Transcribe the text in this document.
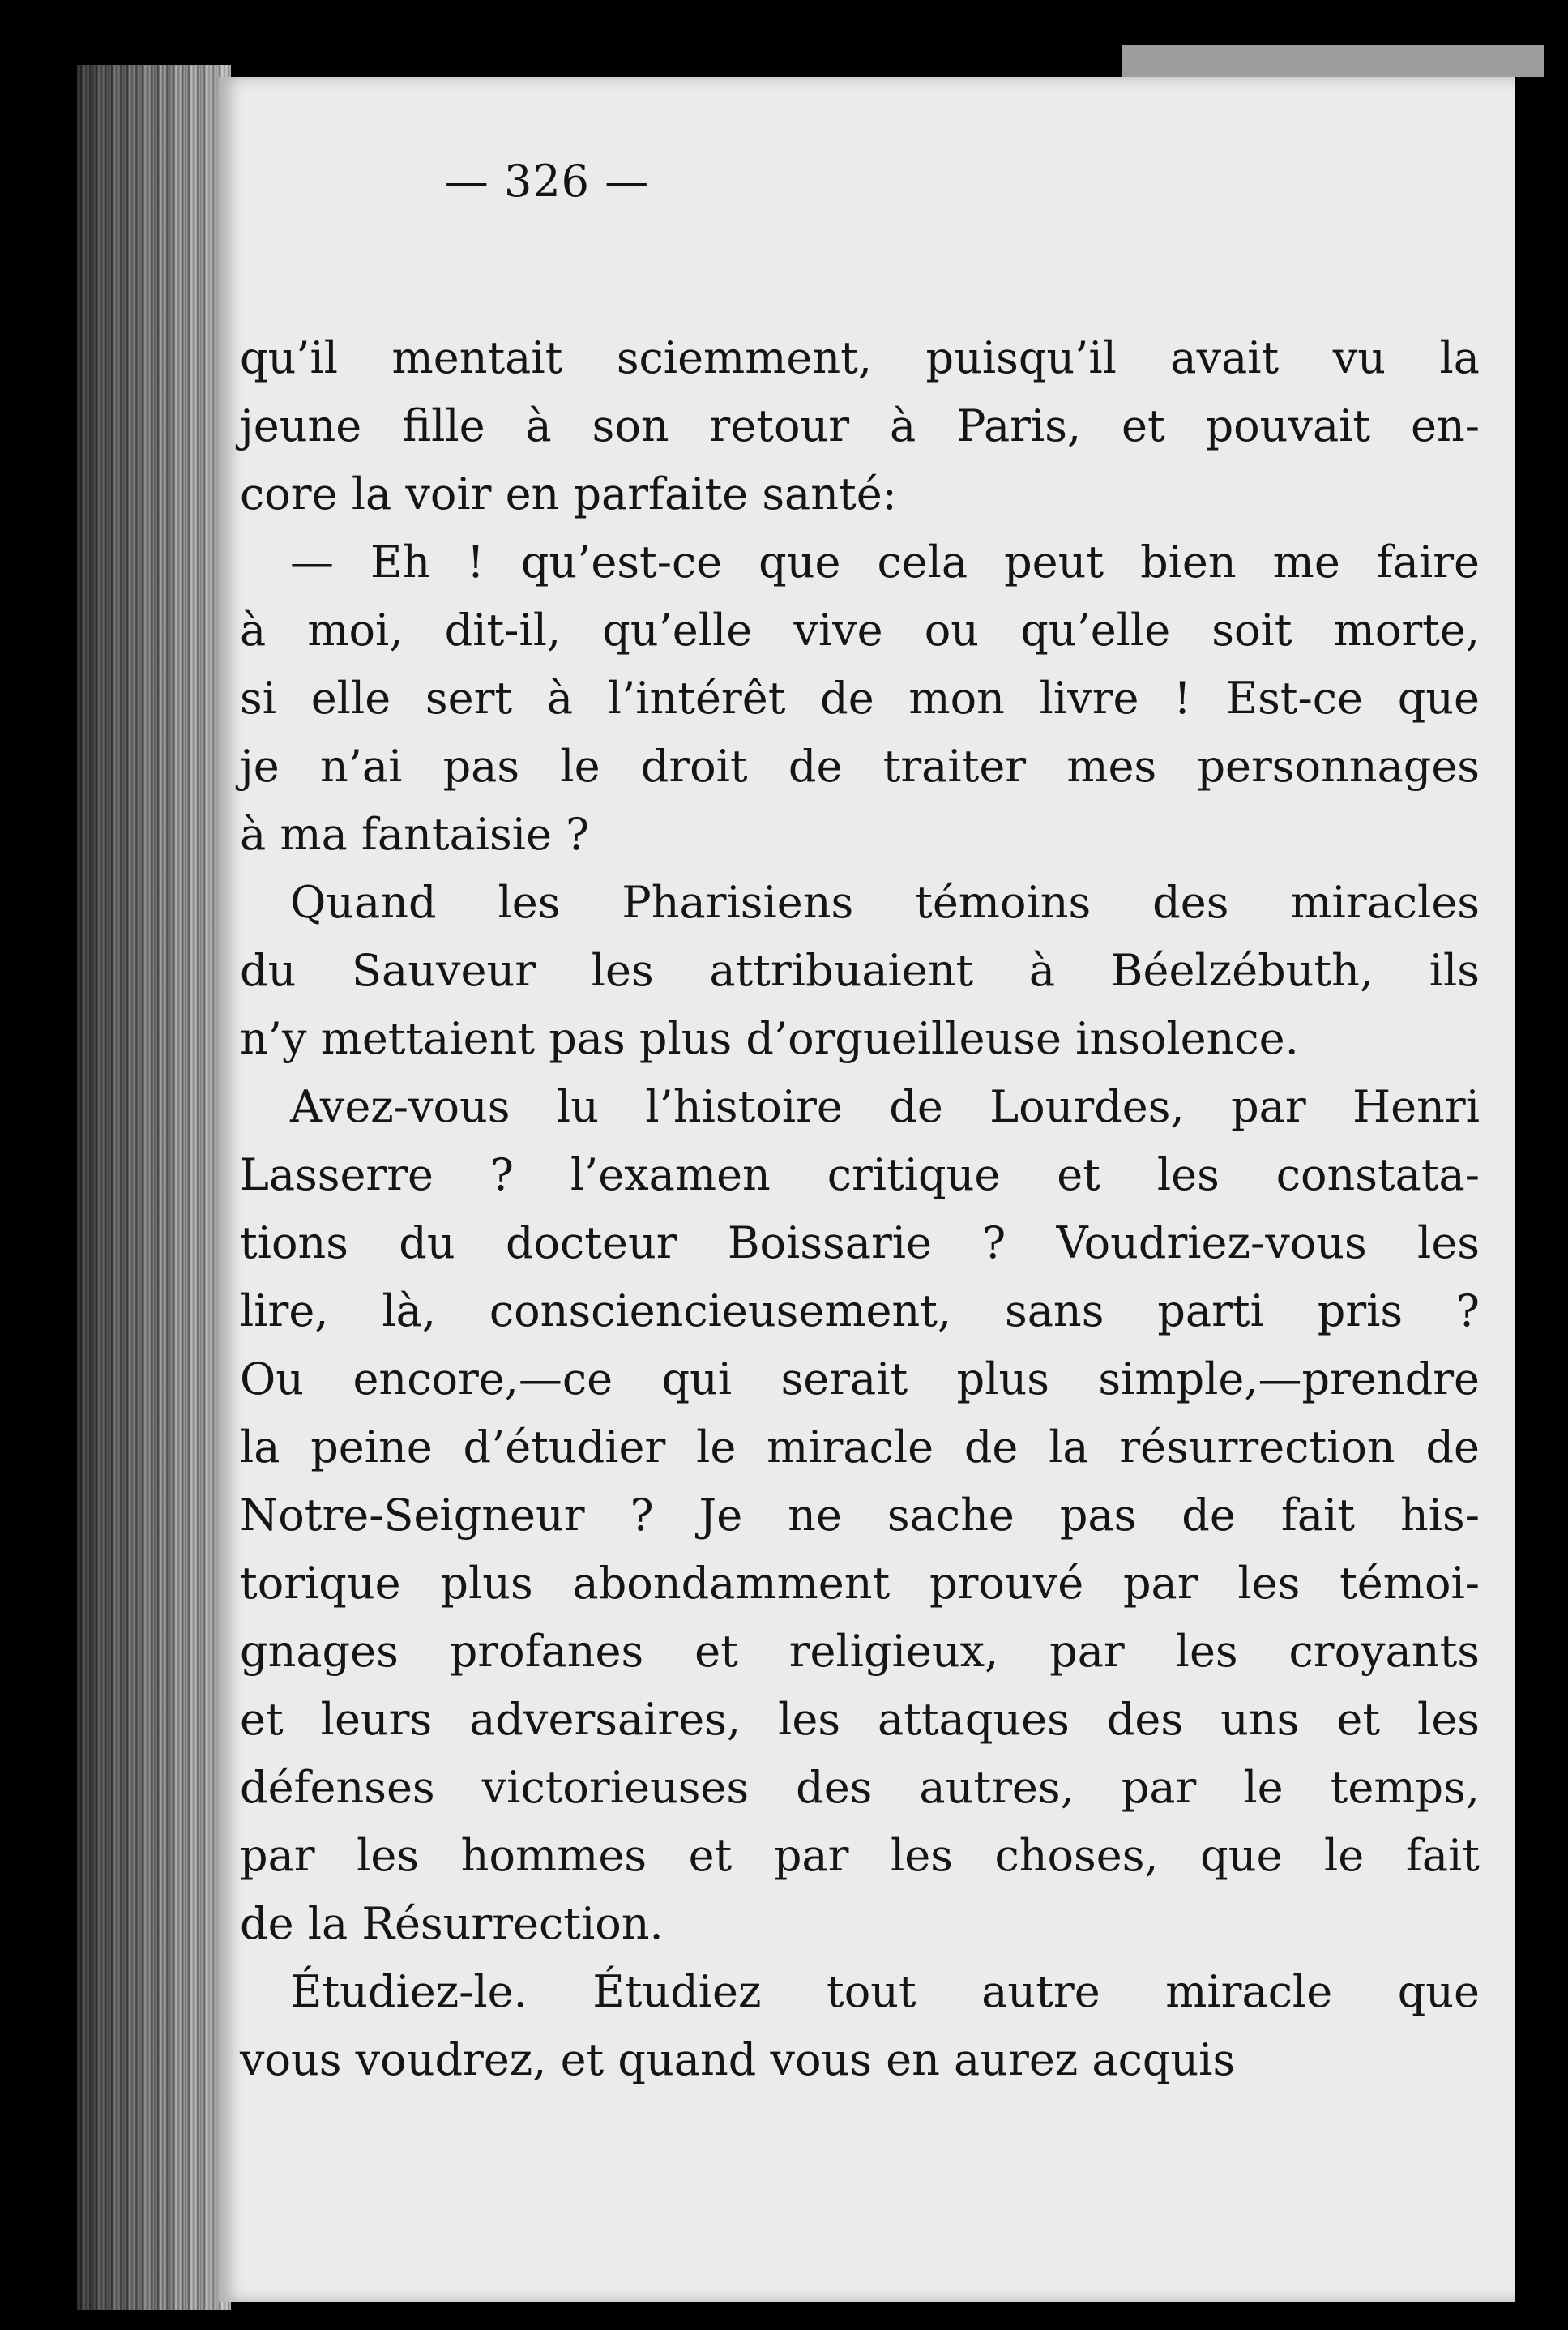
— 326 —
qu’il mentait sciemment, puisqu’il avait vu la
jeune fille à son retour à Paris, et pouvait en-
core la voir en parfaite santé:
— Eh ! qu’est-ce que cela peut bien me faire
à moi, dit-il, qu’elle vive ou qu’elle soit morte,
si elle sert à l’intérêt de mon livre ! Est-ce que
je n’ai pas le droit de traiter mes personnages
à ma fantaisie ?
Quand les Pharisiens témoins des miracles
du Sauveur les attribuaient à Béelzébuth, ils
n’y mettaient pas plus d’orgueilleuse insolence.
Avez-vous lu l’histoire de Lourdes, par Henri
Lasserre ? l’examen critique et les constata-
tions du docteur Boissarie ? Voudriez-vous les
lire, là, consciencieusement, sans parti pris ?
Ou encore,—ce qui serait plus simple,—prendre
la peine d’étudier le miracle de la résurrection de
Notre-Seigneur ? Je ne sache pas de fait his-
torique plus abondamment prouvé par les témoi-
gnages profanes et religieux, par les croyants
et leurs adversaires, les attaques des uns et les
défenses victorieuses des autres, par le temps,
par les hommes et par les choses, que le fait
de la Résurrection.
Étudiez-le. Étudiez tout autre miracle que
vous voudrez, et quand vous en aurez acquis
